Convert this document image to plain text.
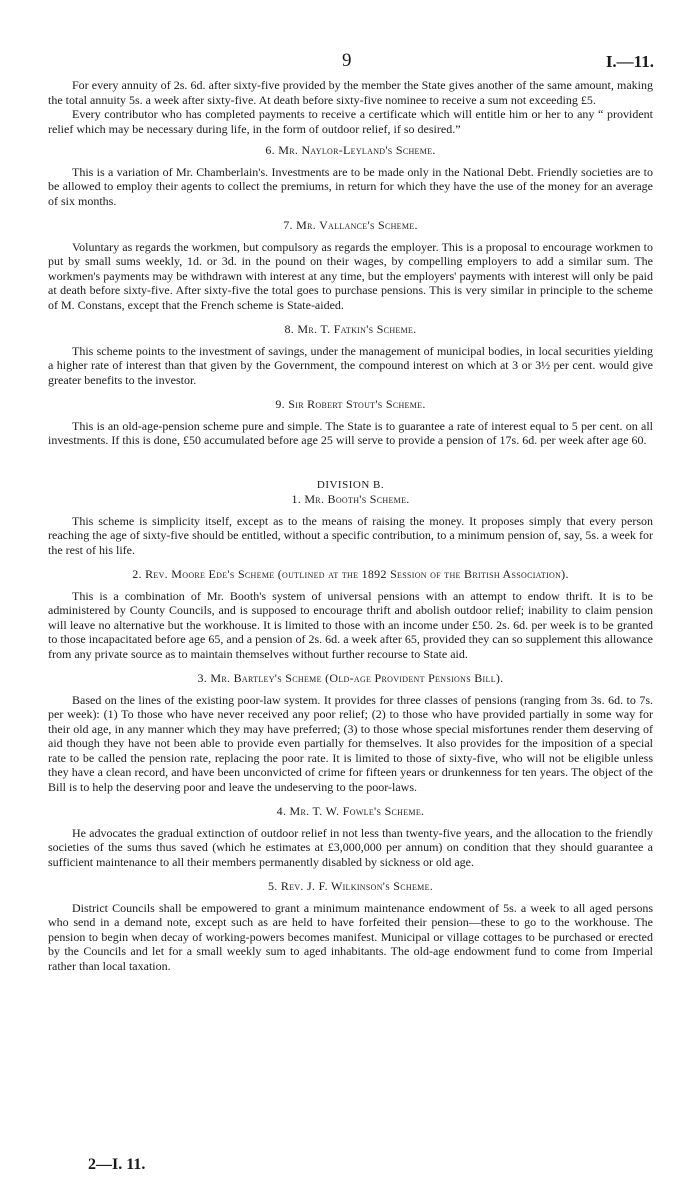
9	I.—11.

For every annuity of 2s. 6d. after sixty-five provided by the member the State gives another of the same amount, making the total annuity 5s. a week after sixty-five. At death before sixty-five nominee to receive a sum not exceeding £5.

Every contributor who has completed payments to receive a certificate which will entitle him or her to any “ provident relief which may be necessary during life, in the form of outdoor relief, if so desired.”

6. Mr. Naylor-Leyland's Scheme.

This is a variation of Mr. Chamberlain's. Investments are to be made only in the National Debt. Friendly societies are to be allowed to employ their agents to collect the premiums, in return for which they have the use of the money for an average of six months.

7. Mr. Vallance's Scheme.

Voluntary as regards the workmen, but compulsory as regards the employer. This is a proposal to encourage workmen to put by small sums weekly, 1d. or 3d. in the pound on their wages, by compelling employers to add a similar sum. The workmen's payments may be withdrawn with interest at any time, but the employers' payments with interest will only be paid at death before sixty-five. After sixty-five the total goes to purchase pensions. This is very similar in principle to the scheme of M. Constans, except that the French scheme is State-aided.

8. Mr. T. Fatkin's Scheme.

This scheme points to the investment of savings, under the management of municipal bodies, in local securities yielding a higher rate of interest than that given by the Government, the compound interest on which at 3 or 3½ per cent. would give greater benefits to the investor.

9. Sir Robert Stout's Scheme.

This is an old-age-pension scheme pure and simple. The State is to guarantee a rate of interest equal to 5 per cent. on all investments. If this is done, £50 accumulated before age 25 will serve to provide a pension of 17s. 6d. per week after age 60.

DIVISION B.
1. Mr. Booth's Scheme.

This scheme is simplicity itself, except as to the means of raising the money. It proposes simply that every person reaching the age of sixty-five should be entitled, without a specific contribution, to a minimum pension of, say, 5s. a week for the rest of his life.

2. Rev. Moore Ede's Scheme (outlined at the 1892 Session of the British Association).

This is a combination of Mr. Booth's system of universal pensions with an attempt to endow thrift. It is to be administered by County Councils, and is supposed to encourage thrift and abolish outdoor relief; inability to claim pension will leave no alternative but the workhouse. It is limited to those with an income under £50. 2s. 6d. per week is to be granted to those incapacitated before age 65, and a pension of 2s. 6d. a week after 65, provided they can so supplement this allowance from any private source as to maintain themselves without further recourse to State aid.

3. Mr. Bartley's Scheme (Old-age Provident Pensions Bill).

Based on the lines of the existing poor-law system. It provides for three classes of pensions (ranging from 3s. 6d. to 7s. per week): (1) To those who have never received any poor relief; (2) to those who have provided partially in some way for their old age, in any manner which they may have preferred; (3) to those whose special misfortunes render them deserving of aid though they have not been able to provide even partially for themselves. It also provides for the imposition of a special rate to be called the pension rate, replacing the poor rate. It is limited to those of sixty-five, who will not be eligible unless they have a clean record, and have been unconvicted of crime for fifteen years or drunkenness for ten years. The object of the Bill is to help the deserving poor and leave the undeserving to the poor-laws.

4. Mr. T. W. Fowle's Scheme.

He advocates the gradual extinction of outdoor relief in not less than twenty-five years, and the allocation to the friendly societies of the sums thus saved (which he estimates at £3,000,000 per annum) on condition that they should guarantee a sufficient maintenance to all their members permanently disabled by sickness or old age.

5. Rev. J. F. Wilkinson's Scheme.

District Councils shall be empowered to grant a minimum maintenance endowment of 5s. a week to all aged persons who send in a demand note, except such as are held to have forfeited their pension—these to go to the workhouse. The pension to begin when decay of working-powers becomes manifest. Municipal or village cottages to be purchased or erected by the Councils and let for a small weekly sum to aged inhabitants. The old-age endowment fund to come from Imperial rather than local taxation.

2—I. 11.
